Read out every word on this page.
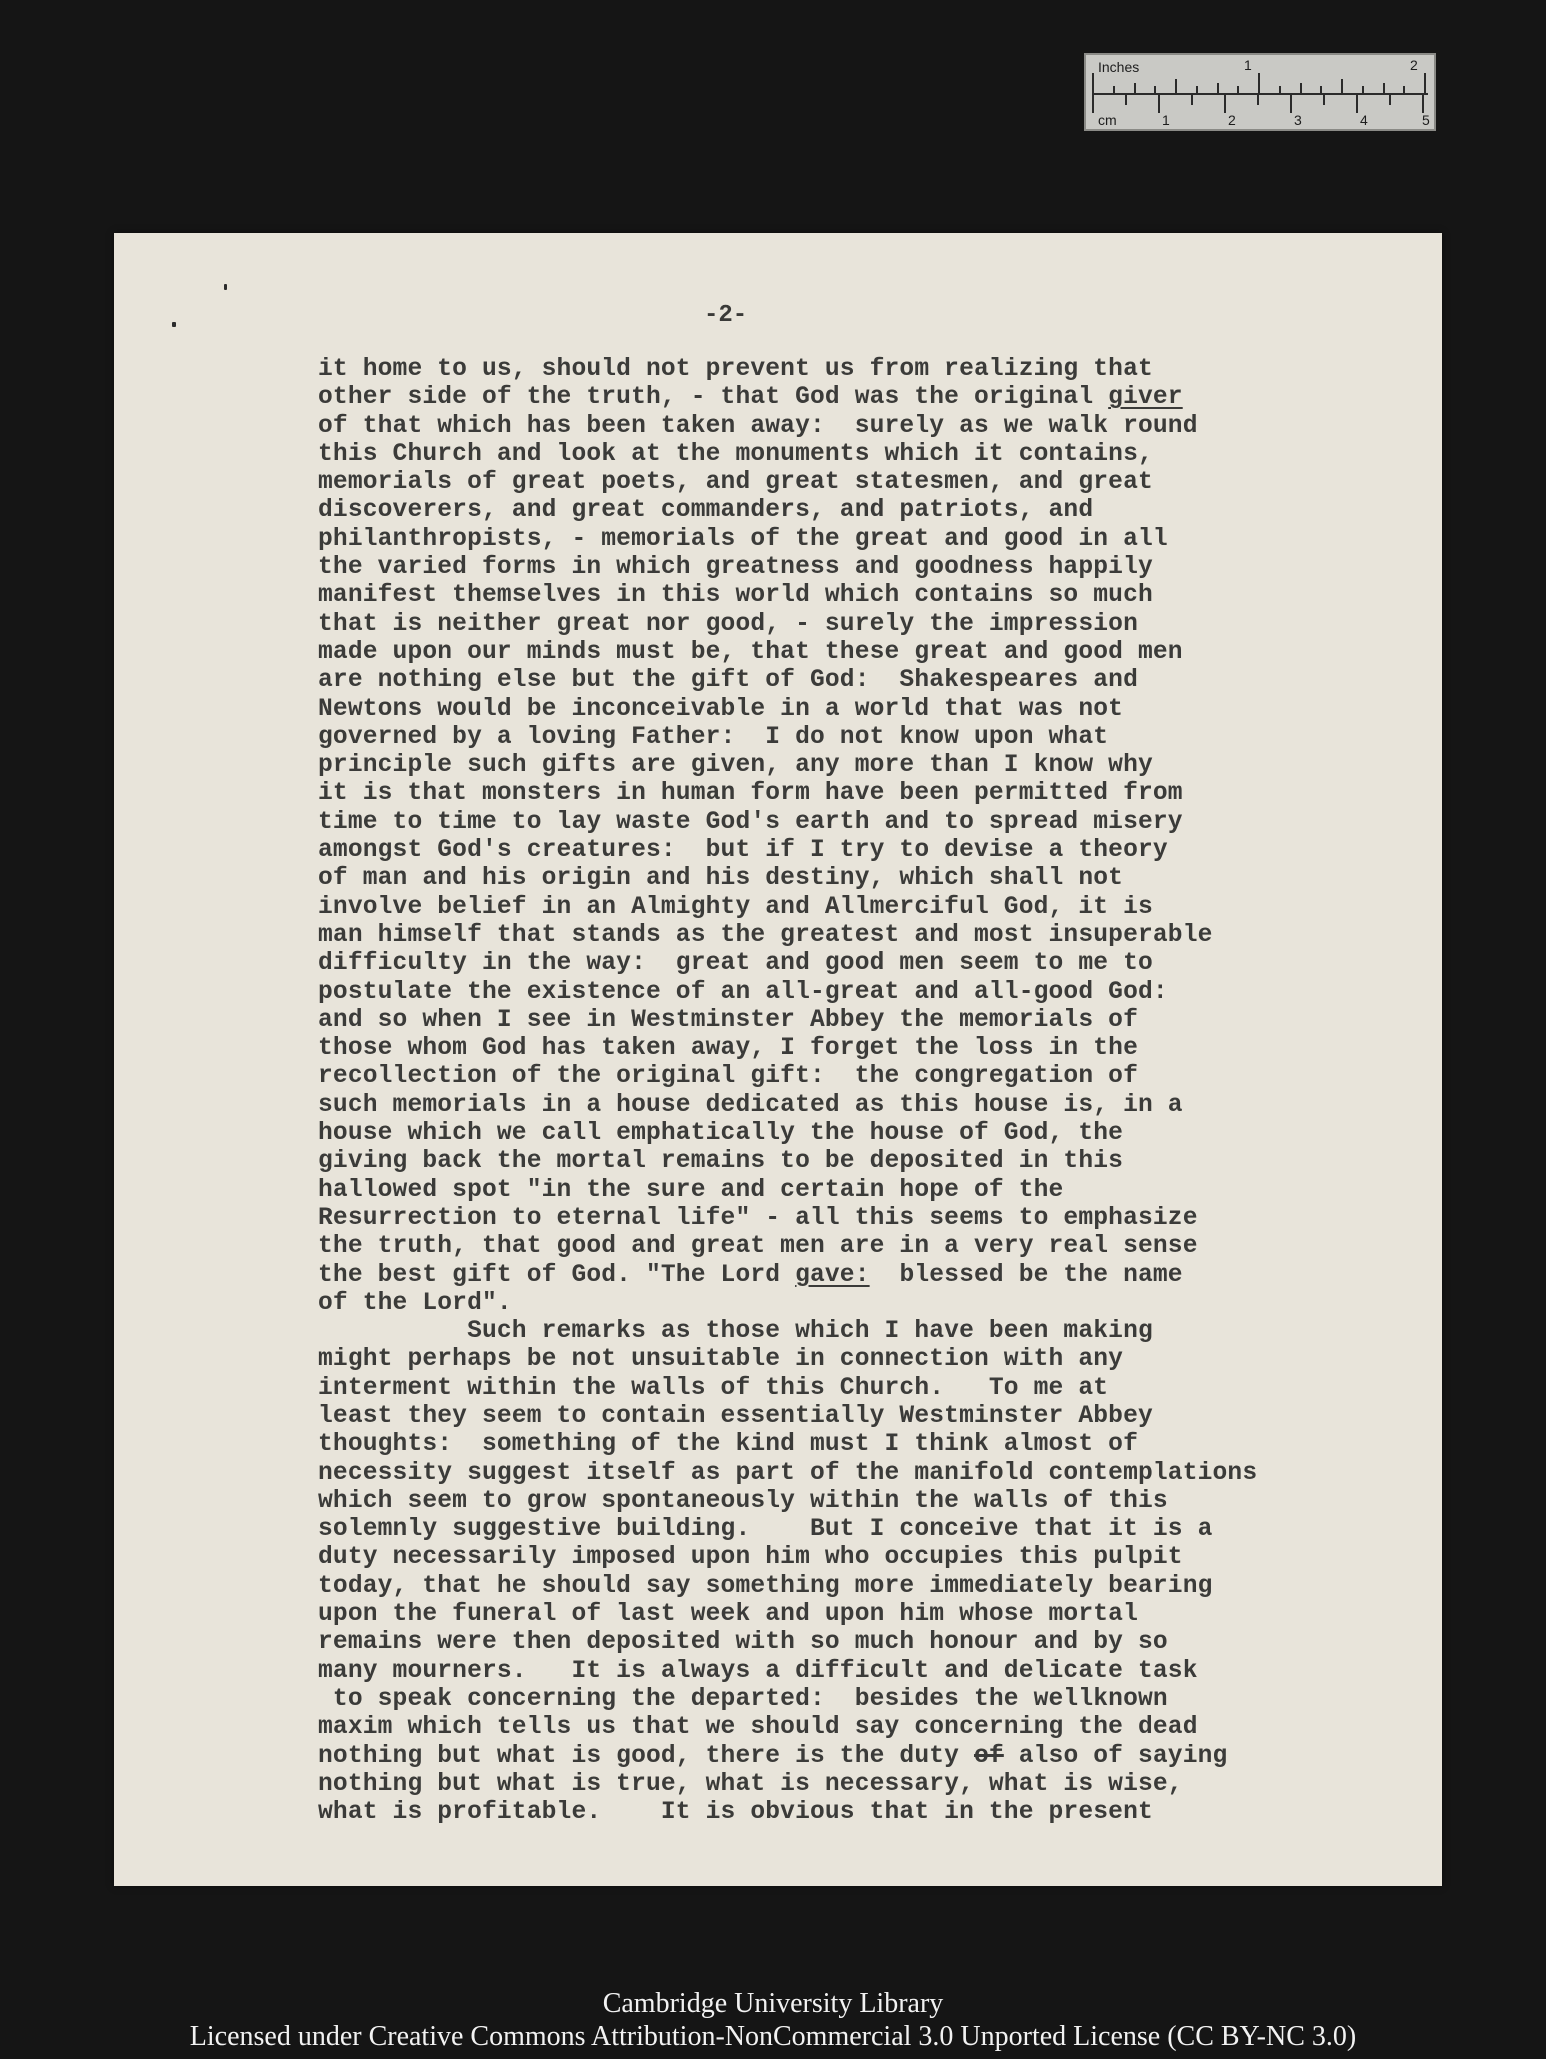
Inches
cm
1	2
1	2	3	4	5
-2-
it home to us, should not prevent us from realizing that
other side of the truth, - that God was the original giver
of that which has been taken away:  surely as we walk round
this Church and look at the monuments which it contains,
memorials of great poets, and great statesmen, and great
discoverers, and great commanders, and patriots, and
philanthropists, - memorials of the great and good in all
the varied forms in which greatness and goodness happily
manifest themselves in this world which contains so much
that is neither great nor good, - surely the impression
made upon our minds must be, that these great and good men
are nothing else but the gift of God:  Shakespeares and
Newtons would be inconceivable in a world that was not
governed by a loving Father:  I do not know upon what
principle such gifts are given, any more than I know why
it is that monsters in human form have been permitted from
time to time to lay waste God's earth and to spread misery
amongst God's creatures:  but if I try to devise a theory
of man and his origin and his destiny, which shall not
involve belief in an Almighty and Allmerciful God, it is
man himself that stands as the greatest and most insuperable
difficulty in the way:  great and good men seem to me to
postulate the existence of an all-great and all-good God:
and so when I see in Westminster Abbey the memorials of
those whom God has taken away, I forget the loss in the
recollection of the original gift:  the congregation of
such memorials in a house dedicated as this house is, in a
house which we call emphatically the house of God, the
giving back the mortal remains to be deposited in this
hallowed spot "in the sure and certain hope of the
Resurrection to eternal life" - all this seems to emphasize
the truth, that good and great men are in a very real sense
the best gift of God. "The Lord gave:  blessed be the name
of the Lord".
Such remarks as those which I have been making
might perhaps be not unsuitable in connection with any
interment within the walls of this Church.   To me at
least they seem to contain essentially Westminster Abbey
thoughts:  something of the kind must I think almost of
necessity suggest itself as part of the manifold contemplations
which seem to grow spontaneously within the walls of this
solemnly suggestive building.    But I conceive that it is a
duty necessarily imposed upon him who occupies this pulpit
today, that he should say something more immediately bearing
upon the funeral of last week and upon him whose mortal
remains were then deposited with so much honour and by so
many mourners.   It is always a difficult and delicate task
to speak concerning the departed:  besides the wellknown
maxim which tells us that we should say concerning the dead
nothing but what is good, there is the duty of also of saying
nothing but what is true, what is necessary, what is wise,
what is profitable.    It is obvious that in the present
Cambridge University Library
Licensed under Creative Commons Attribution-NonCommercial 3.0 Unported License (CC BY-NC 3.0)
